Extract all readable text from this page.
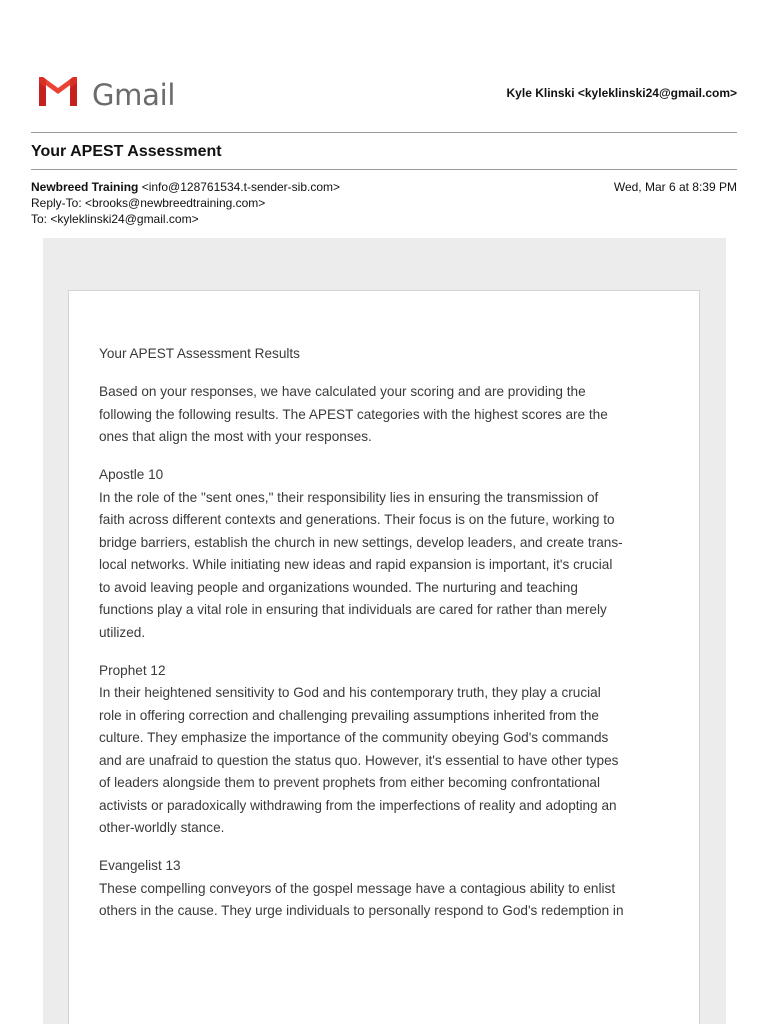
Gmail	Kyle Klinski <kyleklinski24@gmail.com>
Your APEST Assessment
Newbreed Training <info@128761534.t-sender-sib.com>
Reply-To: <brooks@newbreedtraining.com>
To: <kyleklinski24@gmail.com>
Wed, Mar 6 at 8:39 PM

Your APEST Assessment Results

Based on your responses, we have calculated your scoring and are providing the

following the following results. The APEST categories with the highest scores are the

ones that align the most with your responses.

Apostle 10

In the role of the "sent ones," their responsibility lies in ensuring the transmission of

faith across different contexts and generations. Their focus is on the future, working to

bridge barriers, establish the church in new settings, develop leaders, and create trans-

local networks. While initiating new ideas and rapid expansion is important, it's crucial

to avoid leaving people and organizations wounded. The nurturing and teaching

functions play a vital role in ensuring that individuals are cared for rather than merely

utilized.

Prophet 12

In their heightened sensitivity to God and his contemporary truth, they play a crucial

role in offering correction and challenging prevailing assumptions inherited from the

culture. They emphasize the importance of the community obeying God's commands

and are unafraid to question the status quo. However, it's essential to have other types

of leaders alongside them to prevent prophets from either becoming confrontational

activists or paradoxically withdrawing from the imperfections of reality and adopting an

other-worldly stance.

Evangelist 13

These compelling conveyors of the gospel message have a contagious ability to enlist

others in the cause. They urge individuals to personally respond to God's redemption in
